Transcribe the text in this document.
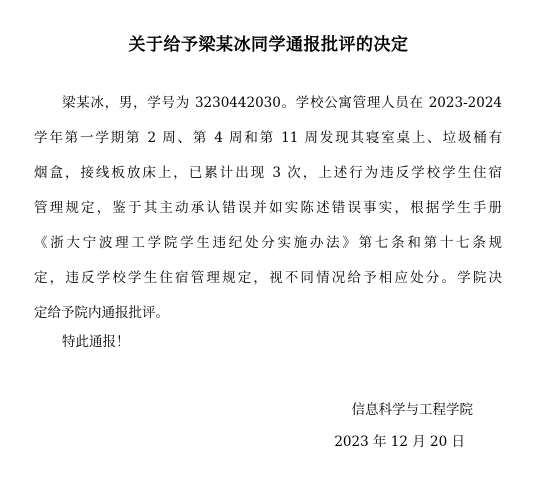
关于给予梁某冰同学通报批评的决定
梁某冰，男，学号为 3230442030。学校公寓管理人员在 2023-2024
学年第一学期第 2 周、第 4 周和第 11 周发现其寝室桌上、垃圾桶有
烟盒，接线板放床上，已累计出现 3 次，上述行为违反学校学生住宿
管理规定，鉴于其主动承认错误并如实陈述错误事实，根据学生手册
《浙大宁波理工学院学生违纪处分实施办法》第七条和第十七条规
定，违反学校学生住宿管理规定，视不同情况给予相应处分。学院决
定给予院内通报批评。
特此通报！
信息科学与工程学院
2023 年 12 月 20 日
